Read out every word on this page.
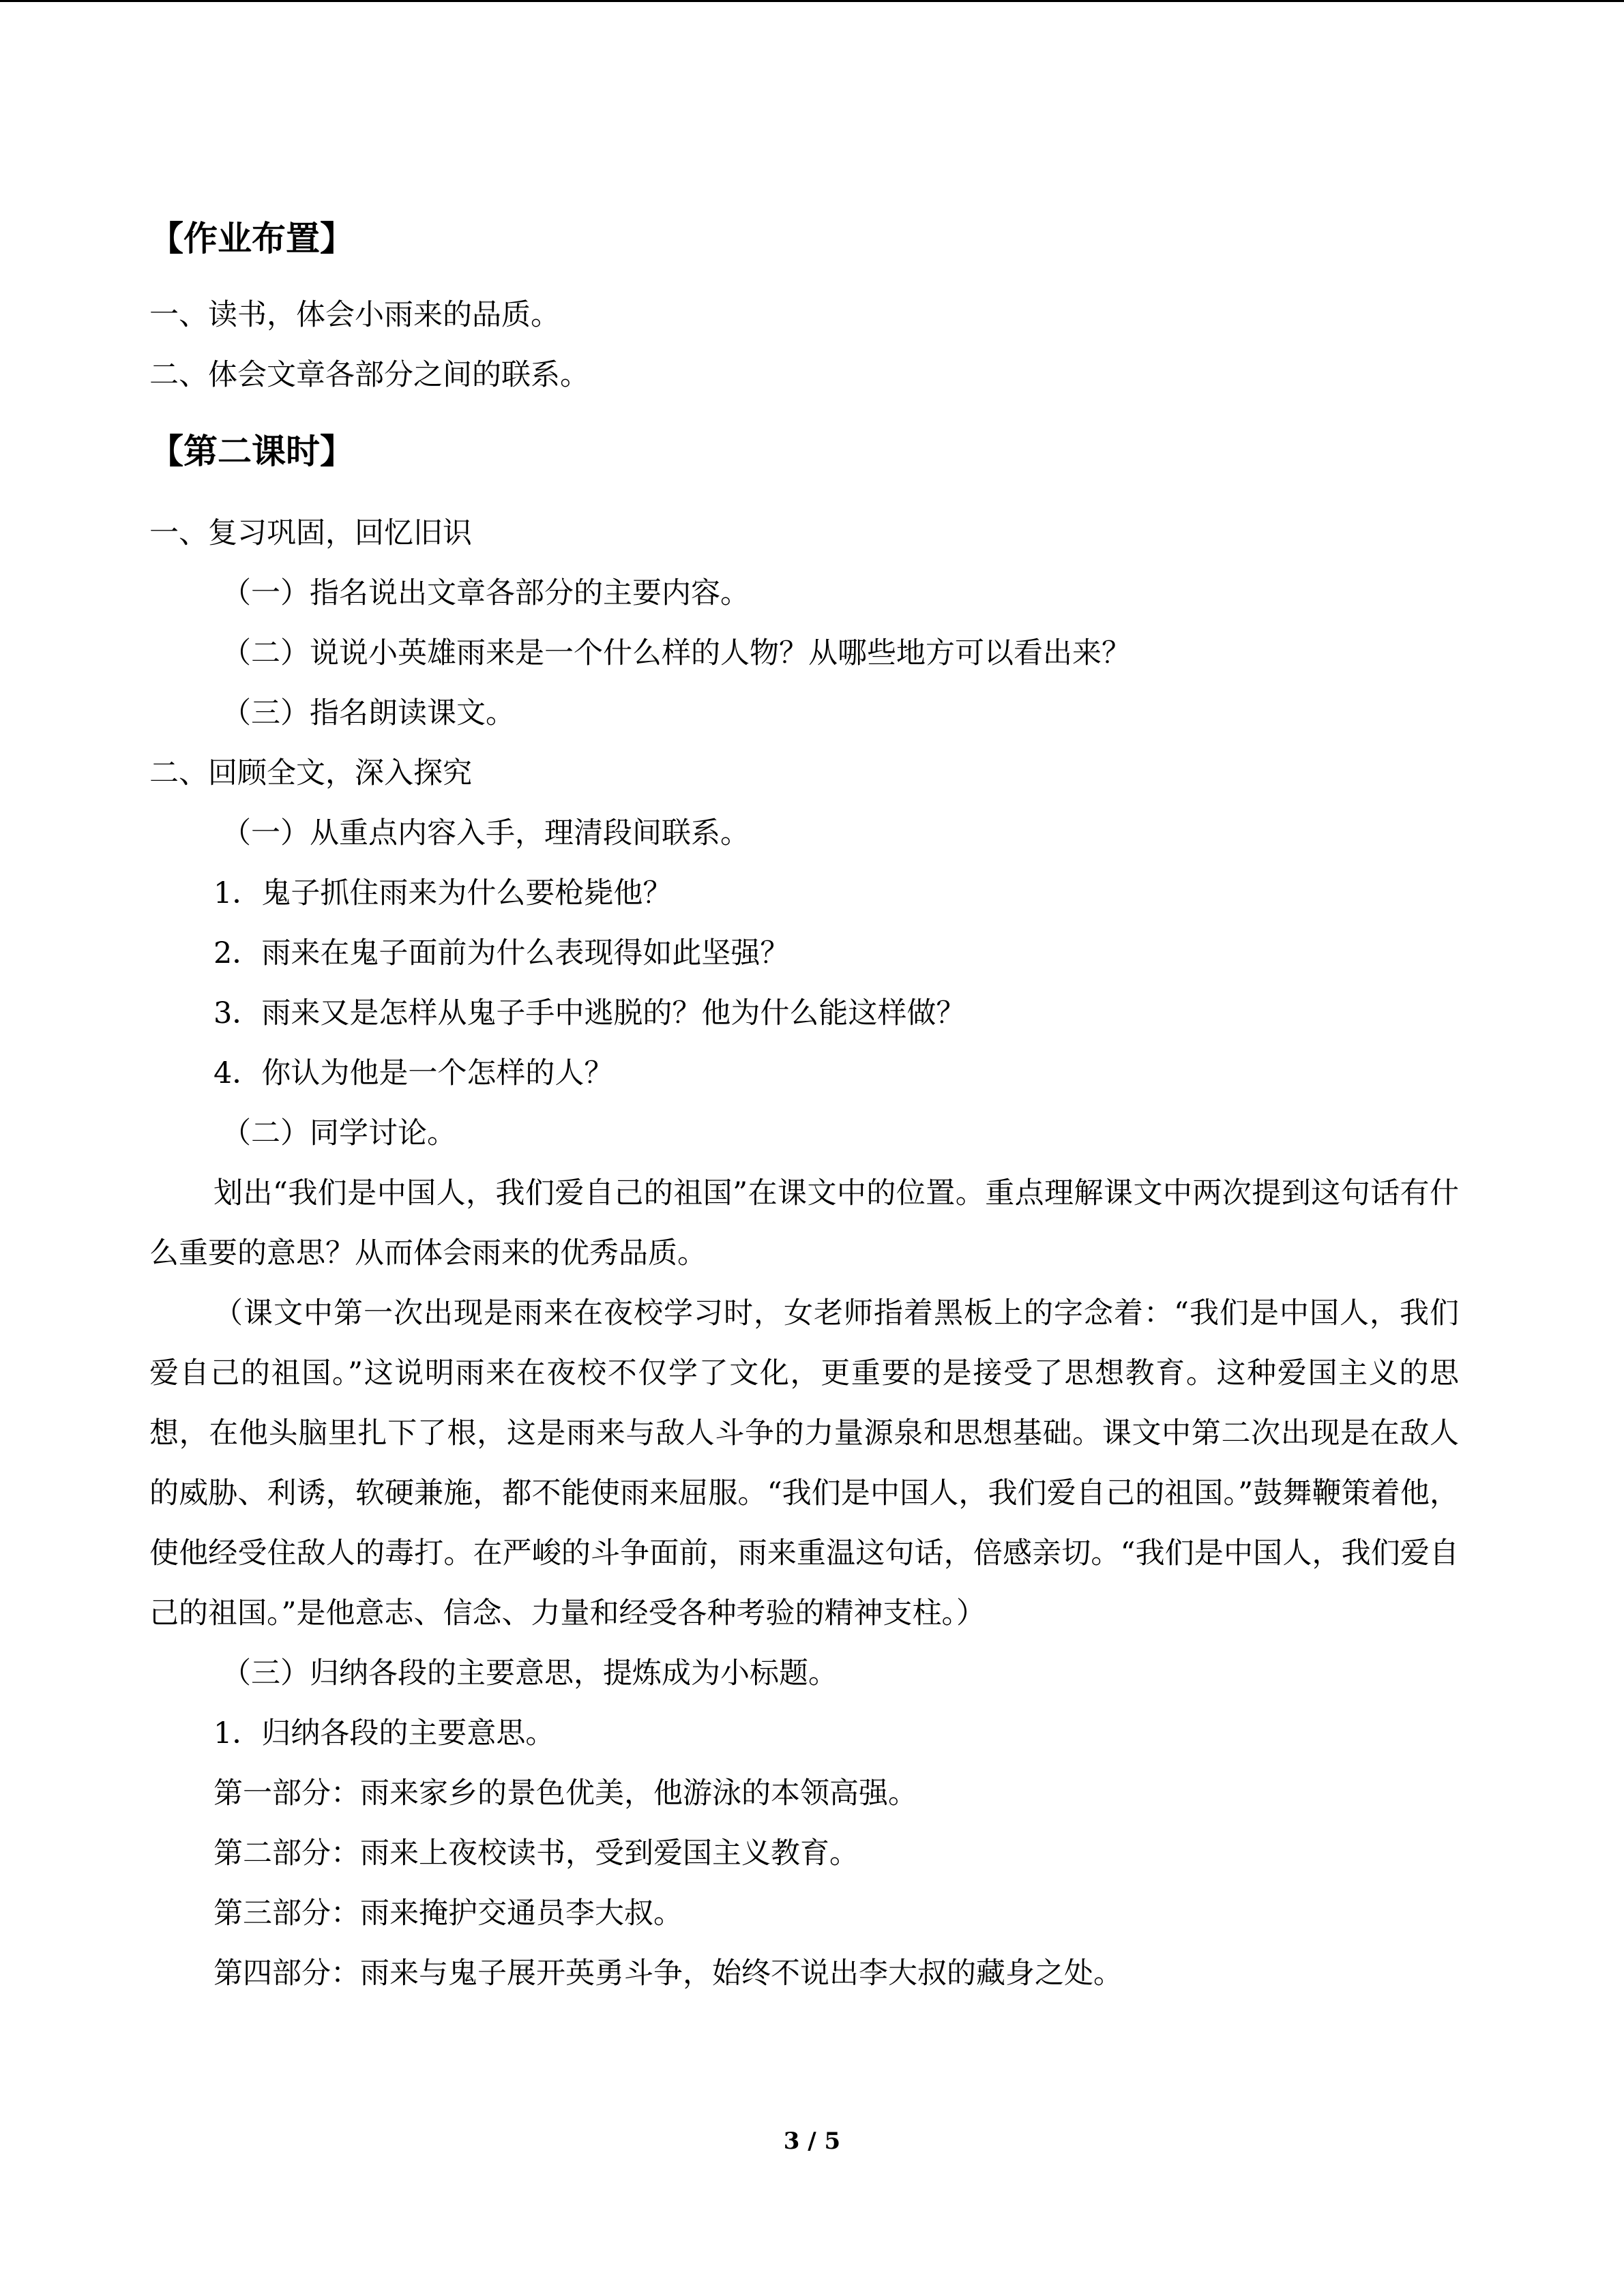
【作业布置】
一、读书，体会小雨来的品质。
二、体会文章各部分之间的联系。
【第二课时】
一、复习巩固，回忆旧识
（一）指名说出文章各部分的主要内容。
（二）说说小英雄雨来是一个什么样的人物？从哪些地方可以看出来？
（三）指名朗读课文。
二、回顾全文，深入探究
（一）从重点内容入手，理清段间联系。
1．鬼子抓住雨来为什么要枪毙他？
2．雨来在鬼子面前为什么表现得如此坚强？
3．雨来又是怎样从鬼子手中逃脱的？他为什么能这样做？
4．你认为他是一个怎样的人？
（二）同学讨论。
划出“我们是中国人，我们爱自己的祖国”在课文中的位置。重点理解课文中两次提到这句话有什么重要的意思？从而体会雨来的优秀品质。
（课文中第一次出现是雨来在夜校学习时，女老师指着黑板上的字念着：“我们是中国人，我们爱自己的祖国。”这说明雨来在夜校不仅学了文化，更重要的是接受了思想教育。这种爱国主义的思想，在他头脑里扎下了根，这是雨来与敌人斗争的力量源泉和思想基础。课文中第二次出现是在敌人的威胁、利诱，软硬兼施，都不能使雨来屈服。“我们是中国人，我们爱自己的祖国。”鼓舞鞭策着他，使他经受住敌人的毒打。在严峻的斗争面前，雨来重温这句话，倍感亲切。“我们是中国人，我们爱自己的祖国。”是他意志、信念、力量和经受各种考验的精神支柱。）
（三）归纳各段的主要意思，提炼成为小标题。
1．归纳各段的主要意思。
第一部分：雨来家乡的景色优美，他游泳的本领高强。
第二部分：雨来上夜校读书，受到爱国主义教育。
第三部分：雨来掩护交通员李大叔。
第四部分：雨来与鬼子展开英勇斗争，始终不说出李大叔的藏身之处。
3 / 5
